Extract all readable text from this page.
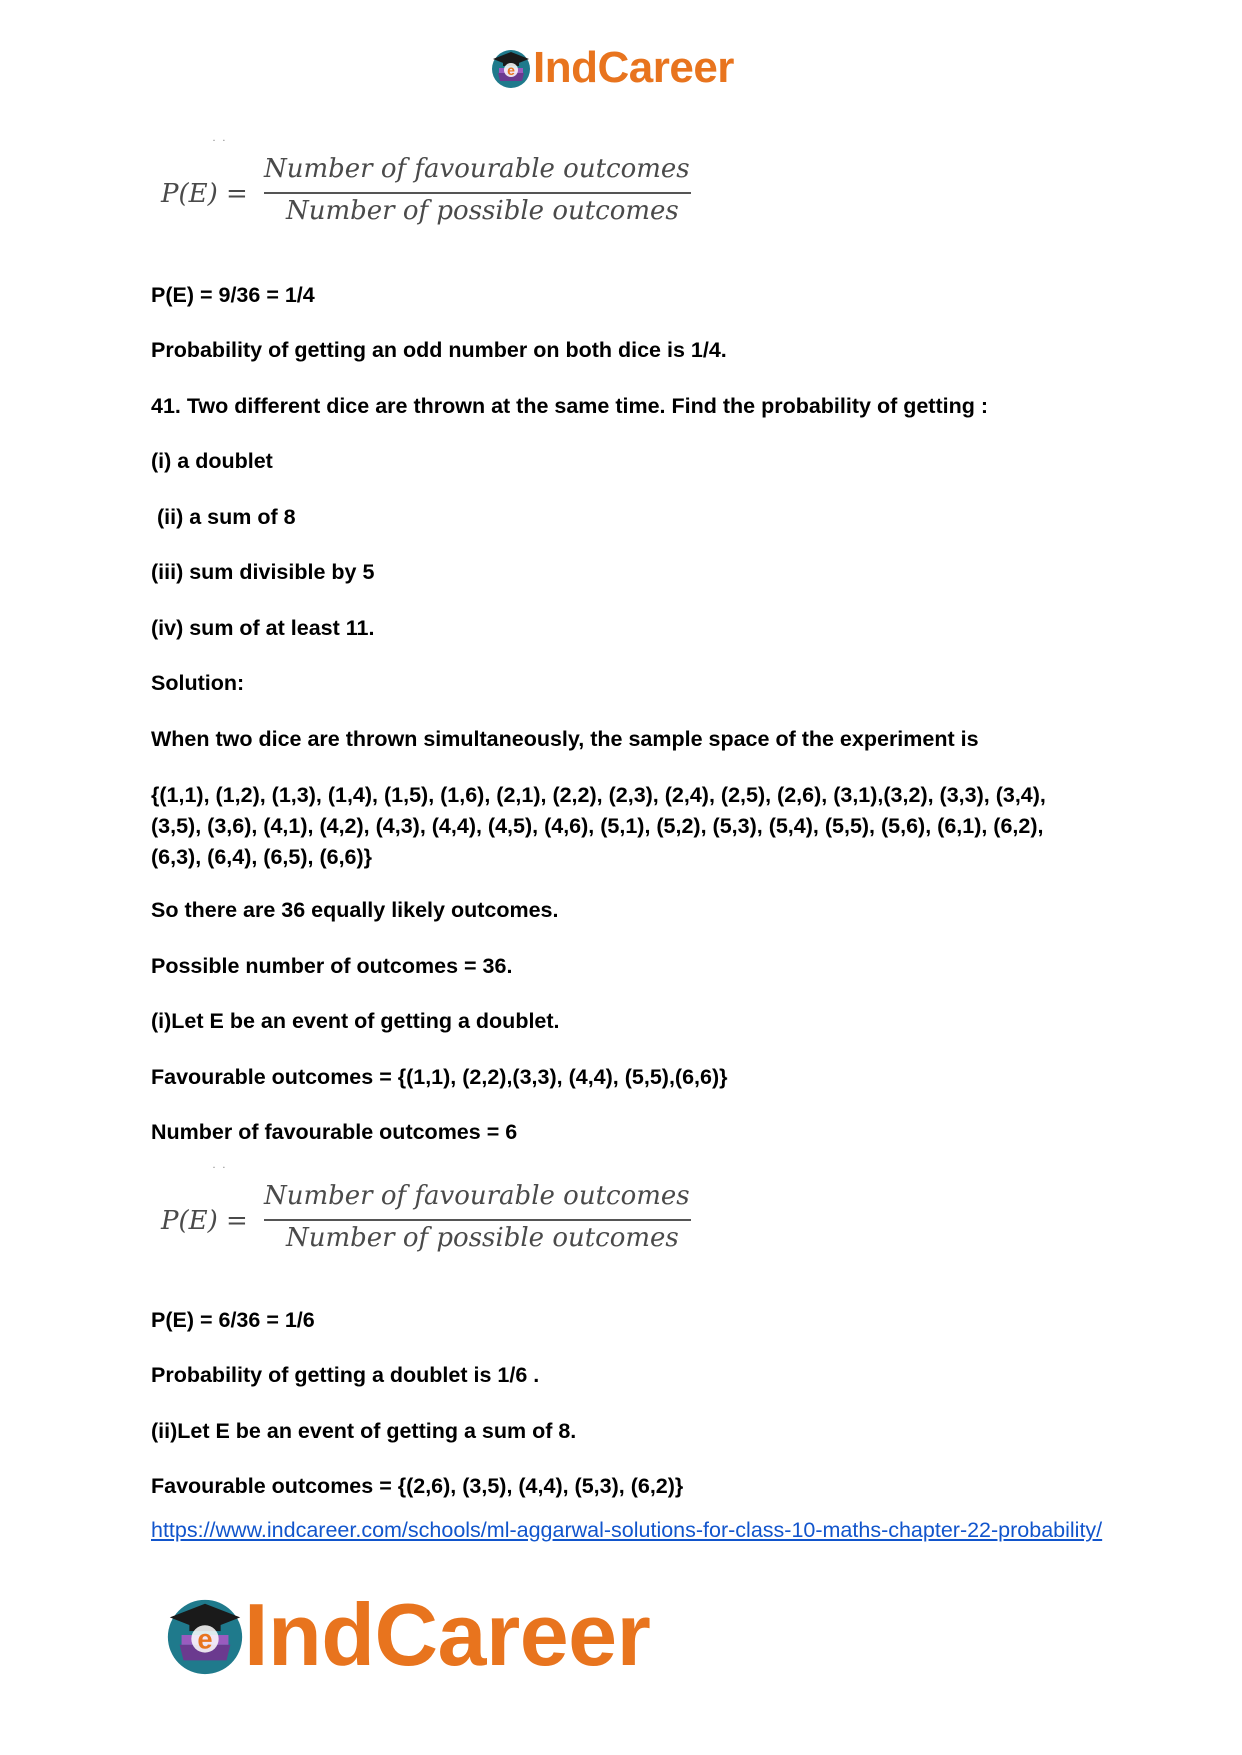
e IndCareer
˙ ˙
P(E) =
Number of favourable outcomes
Number of possible outcomes

P(E) = 9/36 = 1/4

Probability of getting an odd number on both dice is 1/4.

41. Two different dice are thrown at the same time. Find the probability of getting :

(i) a doublet

(ii) a sum of 8

(iii) sum divisible by 5

(iv) sum of at least 11.

Solution:

When two dice are thrown simultaneously, the sample space of the experiment is

{(1,1), (1,2), (1,3), (1,4), (1,5), (1,6), (2,1), (2,2), (2,3), (2,4), (2,5), (2,6), (3,1),(3,2), (3,3), (3,4), (3,5), (3,6), (4,1), (4,2), (4,3), (4,4), (4,5), (4,6), (5,1), (5,2), (5,3), (5,4), (5,5), (5,6), (6,1), (6,2), (6,3), (6,4), (6,5), (6,6)}

So there are 36 equally likely outcomes.

Possible number of outcomes = 36.

(i)Let E be an event of getting a doublet.

Favourable outcomes = {(1,1), (2,2),(3,3), (4,4), (5,5),(6,6)}

Number of favourable outcomes = 6

˙ ˙
P(E) =
Number of favourable outcomes
Number of possible outcomes

P(E) = 6/36 = 1/6

Probability of getting a doublet is 1/6 .

(ii)Let E be an event of getting a sum of 8.

Favourable outcomes = {(2,6), (3,5), (4,4), (5,3), (6,2)}

https://www.indcareer.com/schools/ml-aggarwal-solutions-for-class-10-maths-chapter-22-probability/
e IndCareer
